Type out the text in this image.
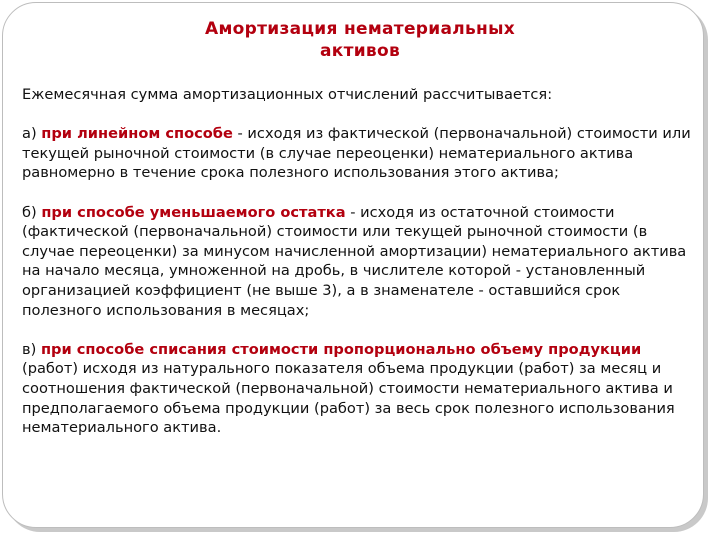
Амортизация нематериальных
активов

Ежемесячная сумма амортизационных отчислений рассчитывается:

а) при линейном способе - исходя из фактической (первоначальной) стоимости или текущей рыночной стоимости (в случае переоценки) нематериального актива равномерно в течение срока полезного использования этого актива;

б) при способе уменьшаемого остатка - исходя из остаточной стоимости (фактической (первоначальной) стоимости или текущей рыночной стоимости (в случае переоценки) за минусом начисленной амортизации) нематериального актива на начало месяца, умноженной на дробь, в числителе которой - установленный организацией коэффициент (не выше 3), а в знаменателе - оставшийся срок полезного использования в месяцах;

в) при способе списания стоимости пропорционально объему продукции (работ) исходя из натурального показателя объема продукции (работ) за месяц и соотношения фактической (первоначальной) стоимости нематериального актива и предполагаемого объема продукции (работ) за весь срок полезного использования нематериального актива.
